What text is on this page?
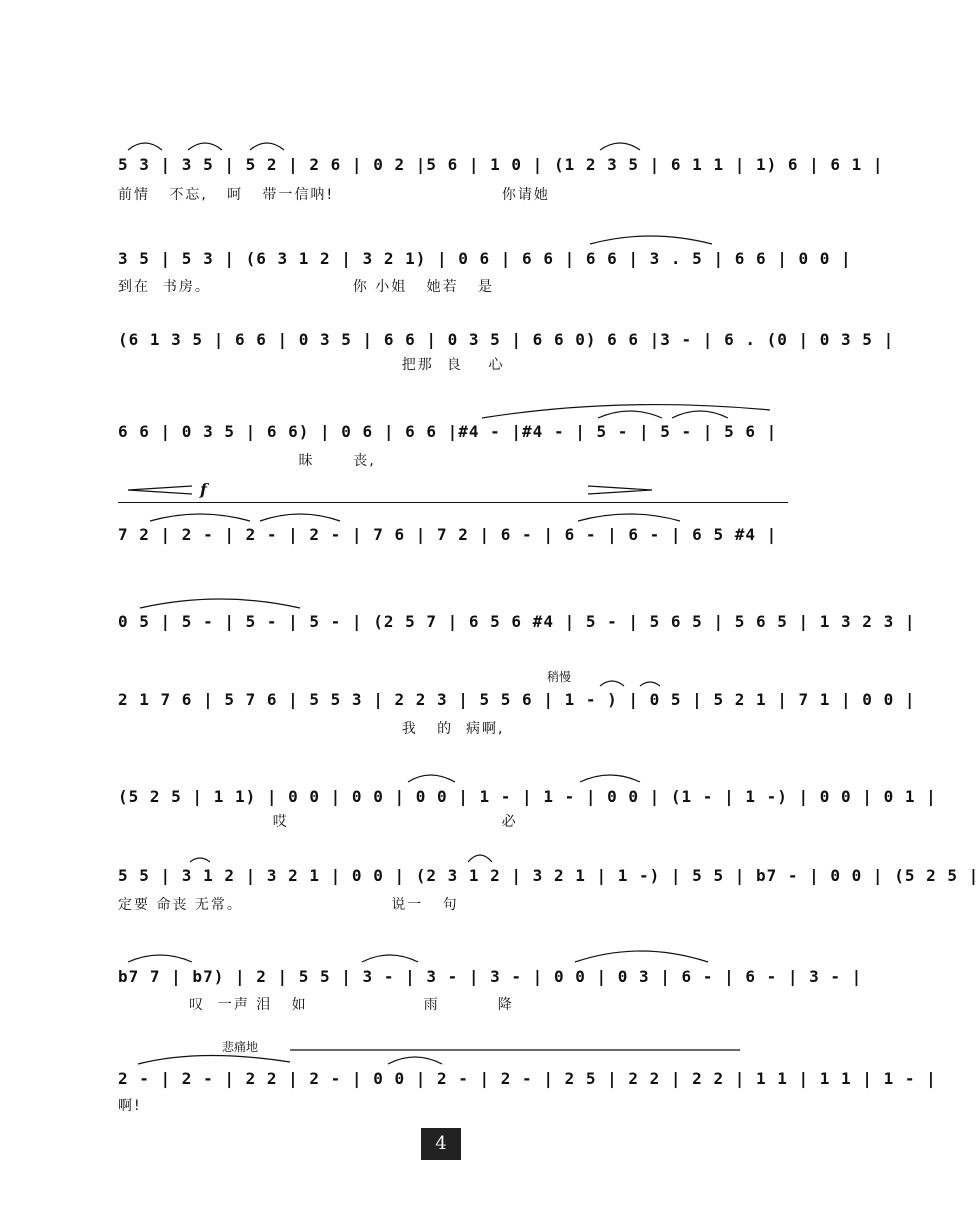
5 3 | 3 5 | 5 2 | 2 6 | 0 2 |5 6 | 1 0 | (1 2 3 5 | 6 1 1 | 1) 6 | 6 1 |
前情   不忘,   呵   带一信呐!                          你请她
3 5 | 5 3 | (6 3 1 2 | 3 2 1) | 0 6 | 6 6 | 6 6 | 3 . 5 | 6 6 | 0 0 |
到在  书房。                      你 小姐   她若   是
(6 1 3 5 | 6 6 | 0 3 5 | 6 6 | 0 3 5 | 6 6 0) 6 6 |3 - | 6 . (0 | 0 3 5 |
把那  良    心
6 6 | 0 3 5 | 6 6) | 0 6 | 6 6 |#4 - |#4 - | 5 - | 5 - | 5 6 |
昧      丧,
f
7 2 | 2 - | 2 - | 2 - | 7 6 | 7 2 | 6 - | 6 - | 6 - | 6 5 #4 |
0 5 | 5 - | 5 - | 5 - | (2 5 7 | 6 5 6 #4 | 5 - | 5 6 5 | 5 6 5 | 1 3 2 3 |
稍慢
2 1 7 6 | 5 7 6 | 5 5 3 | 2 2 3 | 5 5 6 | 1 - ) | 0 5 | 5 2 1 | 7 1 | 0 0 |
我   的  病啊,
(5 2 5 | 1 1) | 0 0 | 0 0 | 0 0 | 1 - | 1 - | 0 0 | (1 - | 1 -) | 0 0 | 0 1 |
哎                                 必
5 5 | 3 1 2 | 3 2 1 | 0 0 | (2 3 1 2 | 3 2 1 | 1 -) | 5 5 | b7 - | 0 0 | (5 2 5 |
定要 命丧 无常。                       说一   句
b7 7 | b7) | 2 | 5 5 | 3 - | 3 - | 3 - | 0 0 | 0 3 | 6 - | 6 - | 3 - |
叹  一声 泪   如                  雨         降
悲痛地
2 - | 2 - | 2 2 | 2 - | 0 0 | 2 - | 2 - | 2 5 | 2 2 | 2 2 | 1 1 | 1 1 | 1 - |
啊!
4
